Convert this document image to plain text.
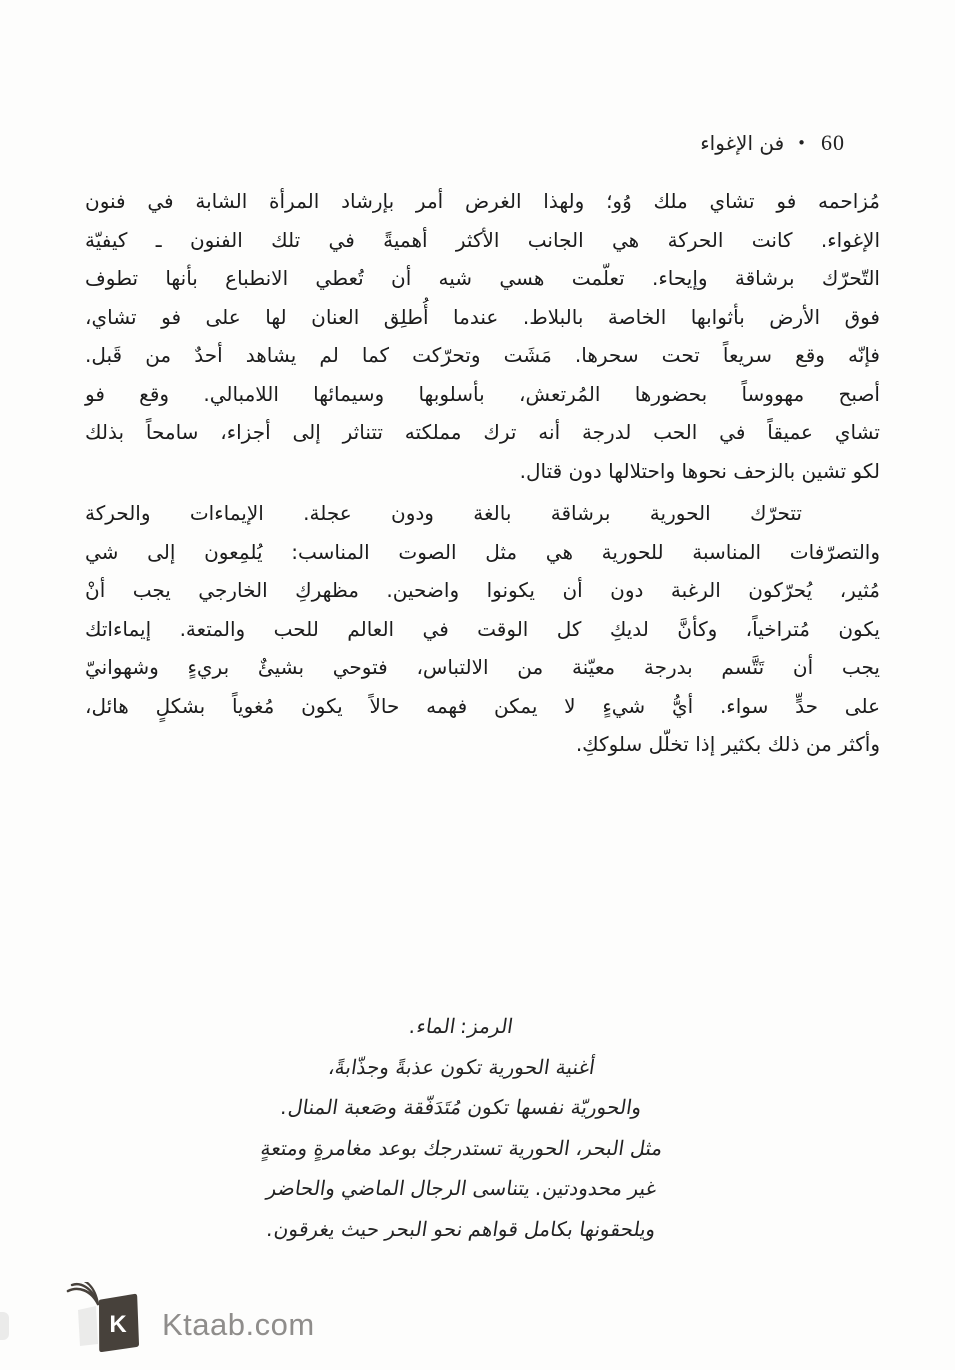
60
•
فن الإغواء
مُزاحمه فو تشاي ملك وُو؛ ولهذا الغرض أمر بإرشاد المرأة الشابة في فنون
الإغواء. كانت الحركة هي الجانب الأكثر أهميةً في تلك الفنون ـ كيفيّة
التّحرّك برشاقة وإيحاء. تعلّمت هسي شيه أن تُعطي الانطباع بأنها تطوف
فوق الأرض بأثوابها الخاصة بالبلاط. عندما أُطلِق العنان لها على فو تشاي،
فإنّه وقع سريعاً تحت سحرها. مَشَت وتحرّكت كما لم يشاهد أحدٌ من قَبل.
أصبح مهووساً بحضورها المُرتعش، بأسلوبها وسيمائها اللامبالي. وقع فو
تشاي عميقاً في الحب لدرجة أنه ترك مملكته تتناثر إلى أجزاء، سامحاً بذلك
لكو تشين بالزحف نحوها واحتلالها دون قتال.
تتحرّك الحورية برشاقة بالغة ودون عجلة. الإيماءات والحركة
والتصرّفات المناسبة للحورية هي مثل الصوت المناسب: يُلمِعون إلى شي
مُثير، يُحرّكون الرغبة دون أن يكونوا واضحين. مظهركِ الخارجي يجب أنْ
يكون مُتراخياً، وكأنَّ لديكِ كل الوقت في العالم للحب والمتعة. إيماءاتك
يجب أن تَتَّسم بدرجة معيّنة من الالتباس، فتوحي بشيئٌ بريءٍ وشهوانيّ
على حدٍّ سواء. أيُّ شيءٍ لا يمكن فهمه حالاً يكون مُغوياً بشكلٍ هائل،
وأكثر من ذلك بكثير إذا تخلّل سلوككِ.
الرمز: الماء.
أغنية الحورية تكون عذبةً وجذّابةً،
والحوريّة نفسها تكون مُتَدَفّقة وصَعبة المنال.
مثل البحر، الحورية تستدرجك بوعد مغامرةٍ ومتعةٍ
غير محدودتين. يتناسى الرجال الماضي والحاضر
ويلحقونها بكامل قواهم نحو البحر حيث يغرقون.
K Ktaab.com
